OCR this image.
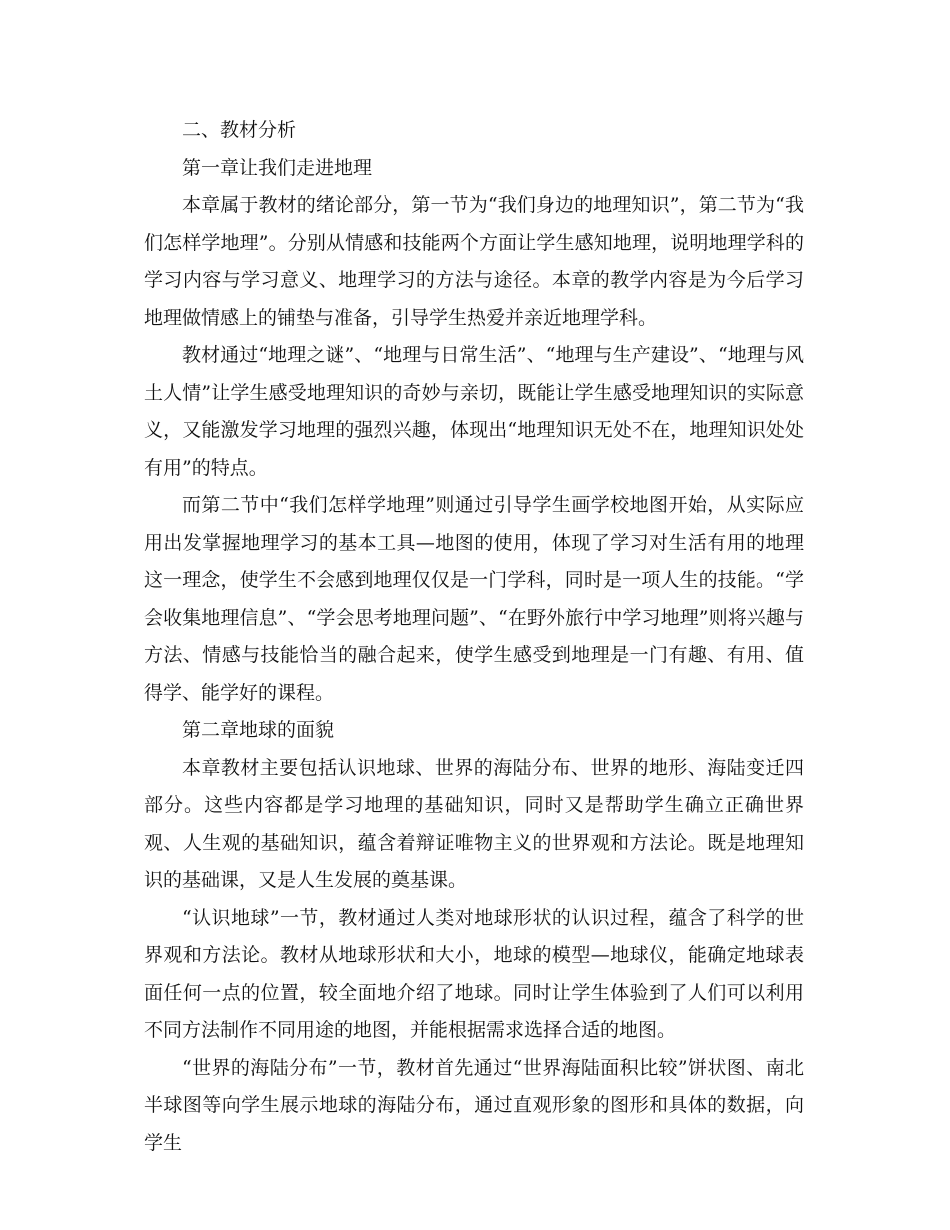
二、教材分析

第一章让我们走进地理

本章属于教材的绪论部分，第一节为“我们身边的地理知识”，第二节为“我们怎样学地理”。分别从情感和技能两个方面让学生感知地理，说明地理学科的学习内容与学习意义、地理学习的方法与途径。本章的教学内容是为今后学习地理做情感上的铺垫与准备，引导学生热爱并亲近地理学科。

教材通过“地理之谜”、“地理与日常生活”、“地理与生产建设”、“地理与风土人情”让学生感受地理知识的奇妙与亲切，既能让学生感受地理知识的实际意义，又能激发学习地理的强烈兴趣，体现出“地理知识无处不在，地理知识处处有用”的特点。

而第二节中“我们怎样学地理”则通过引导学生画学校地图开始，从实际应用出发掌握地理学习的基本工具—地图的使用，体现了学习对生活有用的地理这一理念，使学生不会感到地理仅仅是一门学科，同时是一项人生的技能。“学会收集地理信息”、“学会思考地理问题”、“在野外旅行中学习地理”则将兴趣与方法、情感与技能恰当的融合起来，使学生感受到地理是一门有趣、有用、值得学、能学好的课程。

第二章地球的面貌

本章教材主要包括认识地球、世界的海陆分布、世界的地形、海陆变迁四部分。这些内容都是学习地理的基础知识，同时又是帮助学生确立正确世界观、人生观的基础知识，蕴含着辩证唯物主义的世界观和方法论。既是地理知识的基础课，又是人生发展的奠基课。

“认识地球”一节，教材通过人类对地球形状的认识过程，蕴含了科学的世界观和方法论。教材从地球形状和大小，地球的模型—地球仪，能确定地球表面任何一点的位置，较全面地介绍了地球。同时让学生体验到了人们可以利用不同方法制作不同用途的地图，并能根据需求选择合适的地图。

“世界的海陆分布”一节，教材首先通过“世界海陆面积比较”饼状图、南北半球图等向学生展示地球的海陆分布，通过直观形象的图形和具体的数据，向学生
